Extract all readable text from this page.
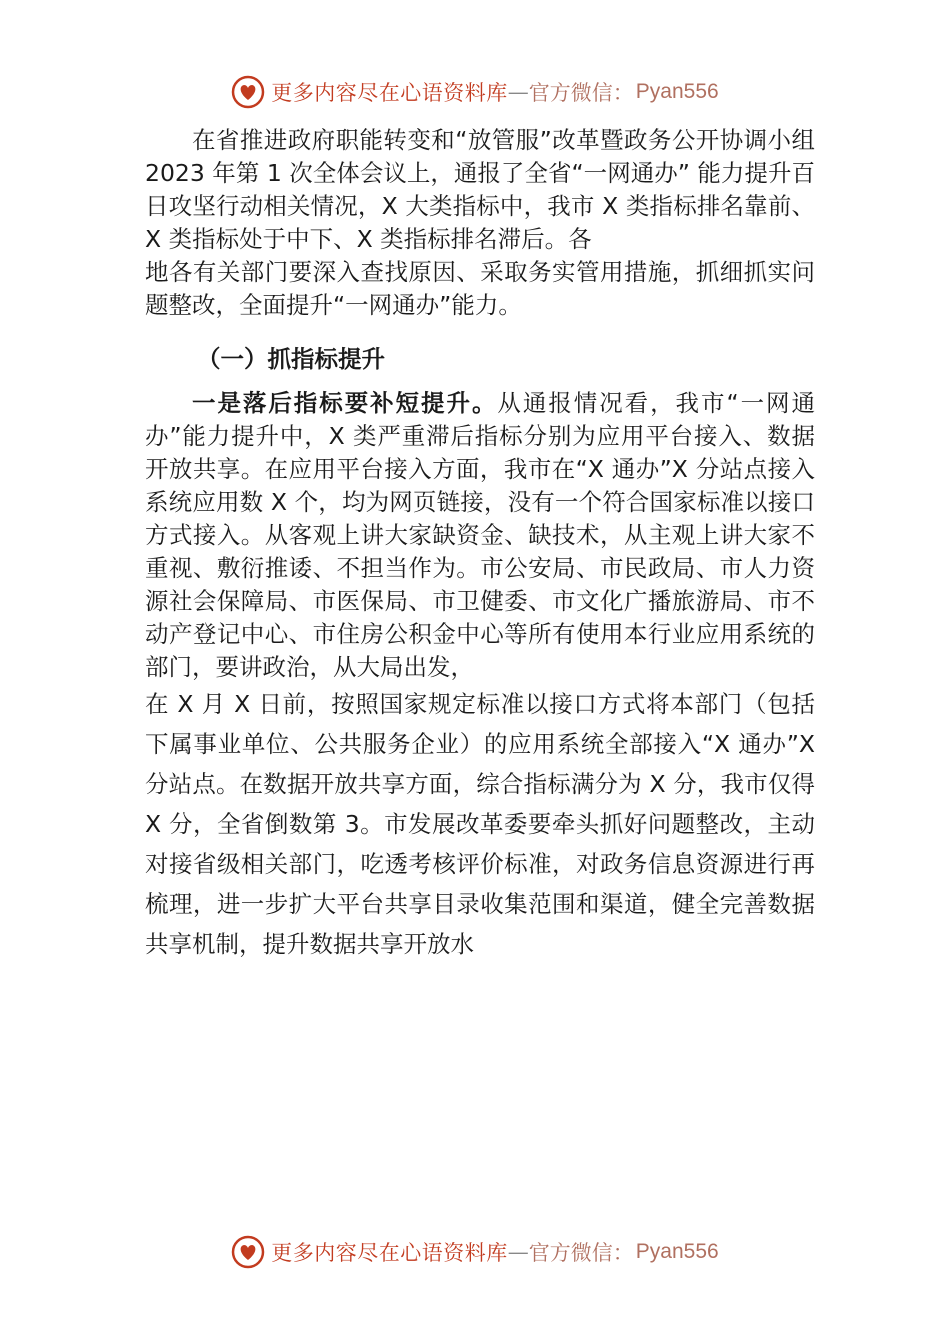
更多内容尽在心语资料库 — 官方微信： Pyan556

在省推进政府职能转变和“放管服”改革暨政务公开协调小组 2023 年第 1 次全体会议上，通报了全省“一网通办” 能力提升百日攻坚行动相关情况，X 大类指标中，我市 X 类指标排名靠前、X 类指标处于中下、X 类指标排名滞后。各

地各有关部门要深入查找原因、采取务实管用措施，抓细抓实问题整改，全面提升“一网通办”能力。

（一）抓指标提升

一是落后指标要补短提升。从通报情况看，我市“一网通办”能力提升中，X 类严重滞后指标分别为应用平台接入、数据开放共享。在应用平台接入方面，我市在“X 通办”X 分站点接入系统应用数 X 个，均为网页链接，没有一个符合国家标准以接口方式接入。从客观上讲大家缺资金、缺技术，从主观上讲大家不重视、敷衍推诿、不担当作为。市公安局、市民政局、市人力资源社会保障局、市医保局、市卫健委、市文化广播旅游局、市不动产登记中心、市住房公积金中心等所有使用本行业应用系统的部门，要讲政治，从大局出发，

在 X 月 X 日前，按照国家规定标准以接口方式将本部门（包括下属事业单位、公共服务企业）的应用系统全部接入“X 通办”X 分站点。在数据开放共享方面，综合指标满分为 X 分，我市仅得 X 分，全省倒数第 3。市发展改革委要牵头抓好问题整改，主动对接省级相关部门，吃透考核评价标准，对政务信息资源进行再梳理，进一步扩大平台共享目录收集范围和渠道，健全完善数据共享机制，提升数据共享开放水

更多内容尽在心语资料库 — 官方微信： Pyan556
